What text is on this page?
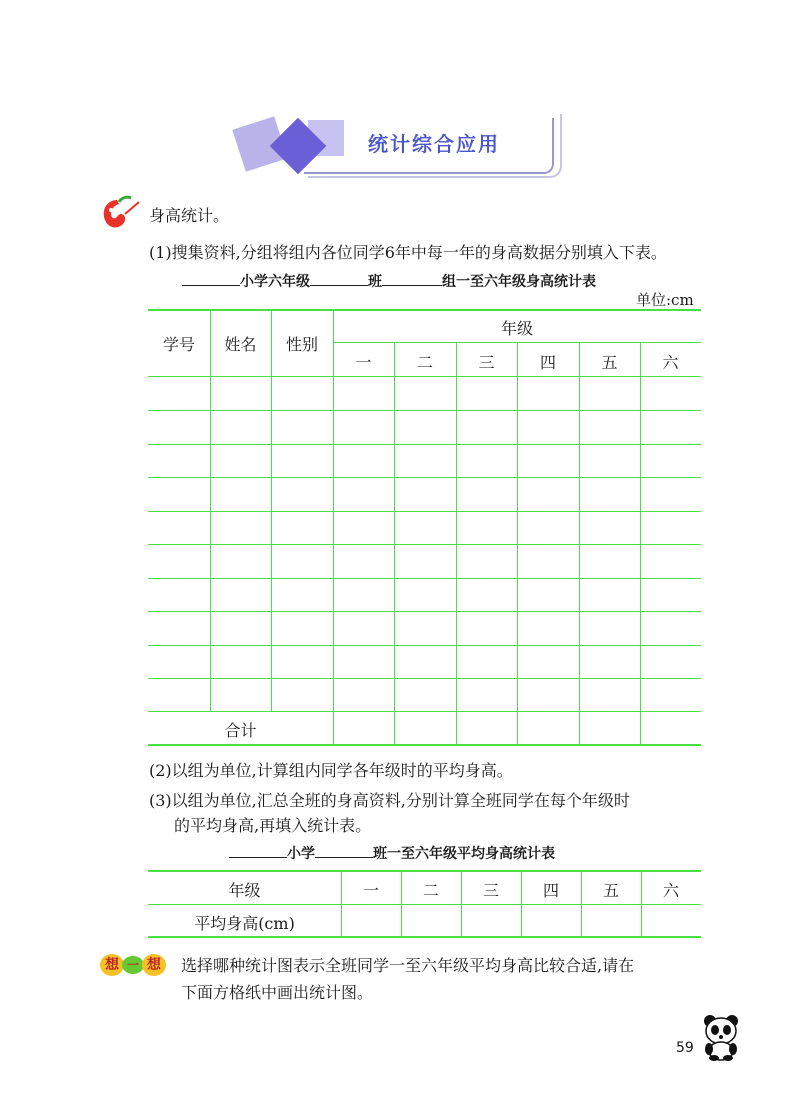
统计综合应用
身高统计。
(1)搜集资料,分组将组内各位同学6年中每一年的身高数据分别填入下表。
小学六年级	班	组一至六年级身高统计表
单位:cm
学号	姓名	性别
年级
一	二	三	四	五	六
合计
(2)以组为单位,计算组内同学各年级时的平均身高。
(3)以组为单位,汇总全班的身高资料,分别计算全班同学在每个年级时
的平均身高,再填入统计表。
小学	班一至六年级平均身高统计表
年级	一	二	三	四	五	六
平均身高(cm)
想 一 想	选择哪种统计图表示全班同学一至六年级平均身高比较合适,请在
下面方格纸中画出统计图。
59
